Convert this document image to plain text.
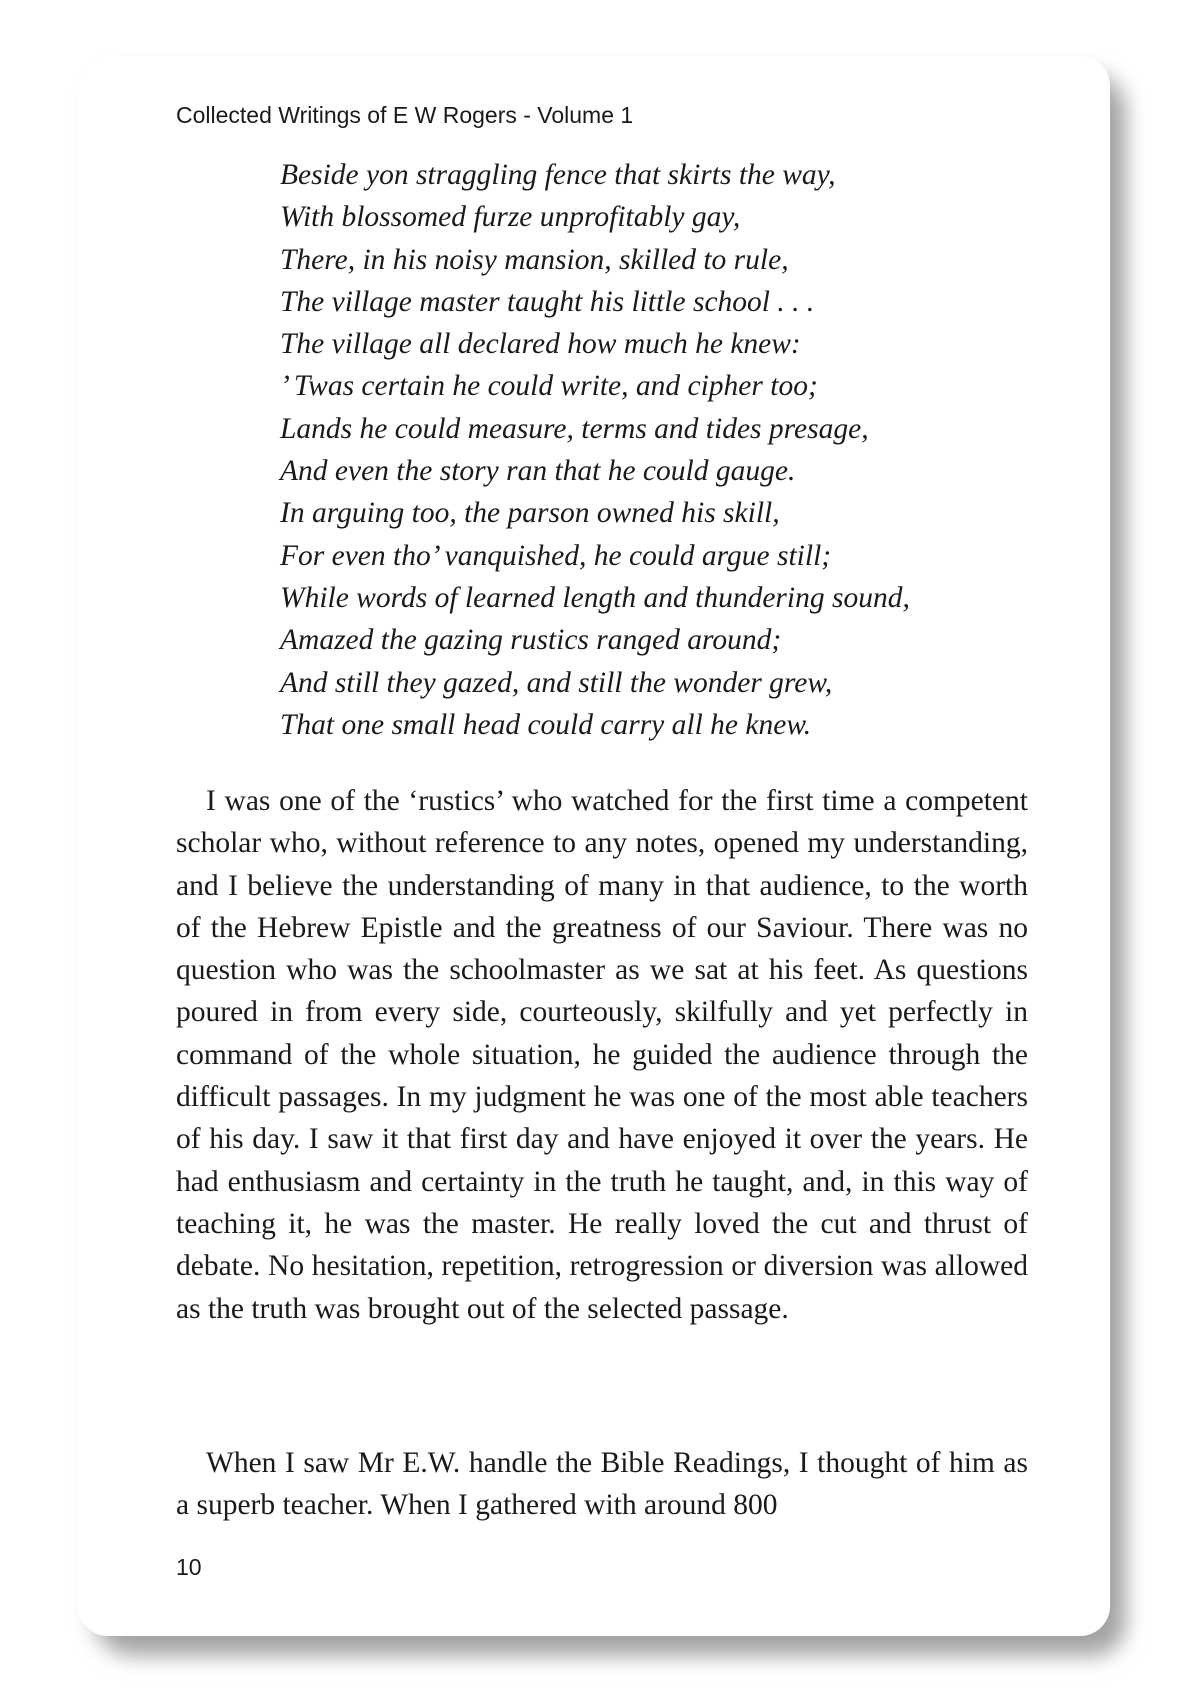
Collected Writings of E W Rogers - Volume 1

Beside yon straggling fence that skirts the way,
With blossomed furze unprofitably gay,
There, in his noisy mansion, skilled to rule,
The village master taught his little school . . .
The village all declared how much he knew:
’ Twas certain he could write, and cipher too;
Lands he could measure, terms and tides presage,
And even the story ran that he could gauge.
In arguing too, the parson owned his skill,
For even tho’ vanquished, he could argue still;
While words of learned length and thundering sound,
Amazed the gazing rustics ranged around;
And still they gazed, and still the wonder grew,
That one small head could carry all he knew.

I was one of the ‘rustics’ who watched for the first time a competent scholar who, without reference to any notes, opened my understanding, and I believe the understanding of many in that audience, to the worth of the Hebrew Epistle and the greatness of our Saviour. There was no question who was the schoolmaster as we sat at his feet. As questions poured in from every side, courteously, skilfully and yet perfectly in command of the whole situation, he guided the audience through the difficult passages. In my judgment he was one of the most able teachers of his day. I saw it that first day and have enjoyed it over the years. He had enthusiasm and certainty in the truth he taught, and, in this way of teaching it, he was the master. He really loved the cut and thrust of debate. No hesitation, repetition, retrogression or diversion was allowed as the truth was brought out of the selected passage.

When I saw Mr E.W. handle the Bible Readings, I thought of him as a superb teacher. When I gathered with around 800

10
